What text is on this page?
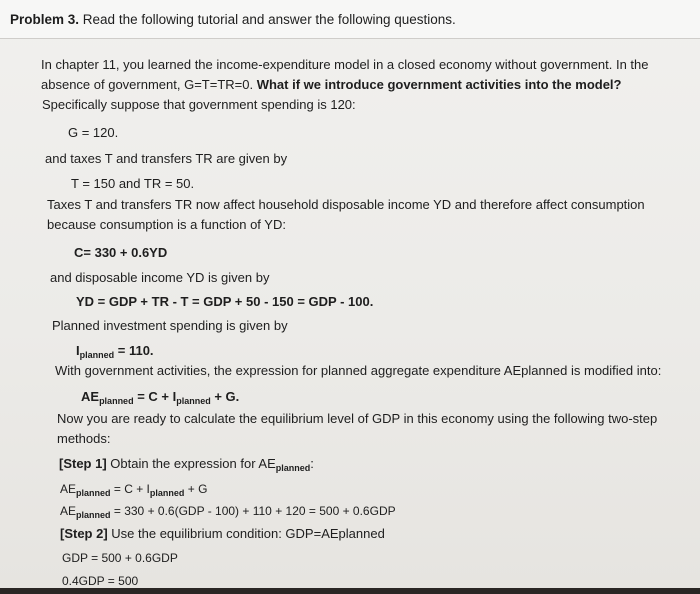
Problem 3. Read the following tutorial and answer the following questions.
In chapter 11, you learned the income-expenditure model in a closed economy without government. In the
absence of government, G=T=TR=0. What if we introduce government activities into the model?
Specifically suppose that government spending is 120:
G = 120.
and taxes T and transfers TR are given by
T = 150 and TR = 50.
Taxes T and transfers TR now affect household disposable income YD and therefore affect consumption
because consumption is a function of YD:
C= 330 + 0.6YD
and disposable income YD is given by
YD = GDP + TR - T = GDP + 50 - 150 = GDP - 100.
Planned investment spending is given by
$I_{planned} = 110$.
With government activities, the expression for planned aggregate expenditure AEplanned is modified into:
$AE_{planned} = C + I_{planned} + G$.
Now you are ready to calculate the equilibrium level of GDP in this economy using the following two-step
methods:
[Step 1] Obtain the expression for $AE_{planned}$:
$AE_{planned} = C + I_{planned} + G$
$AE_{planned} = 330 + 0.6(GDP - 100) + 110 + 120 = 500 + 0.6GDP$
[Step 2] Use the equilibrium condition: GDP=AEplanned
GDP = 500 + 0.6GDP
0.4GDP = 500
